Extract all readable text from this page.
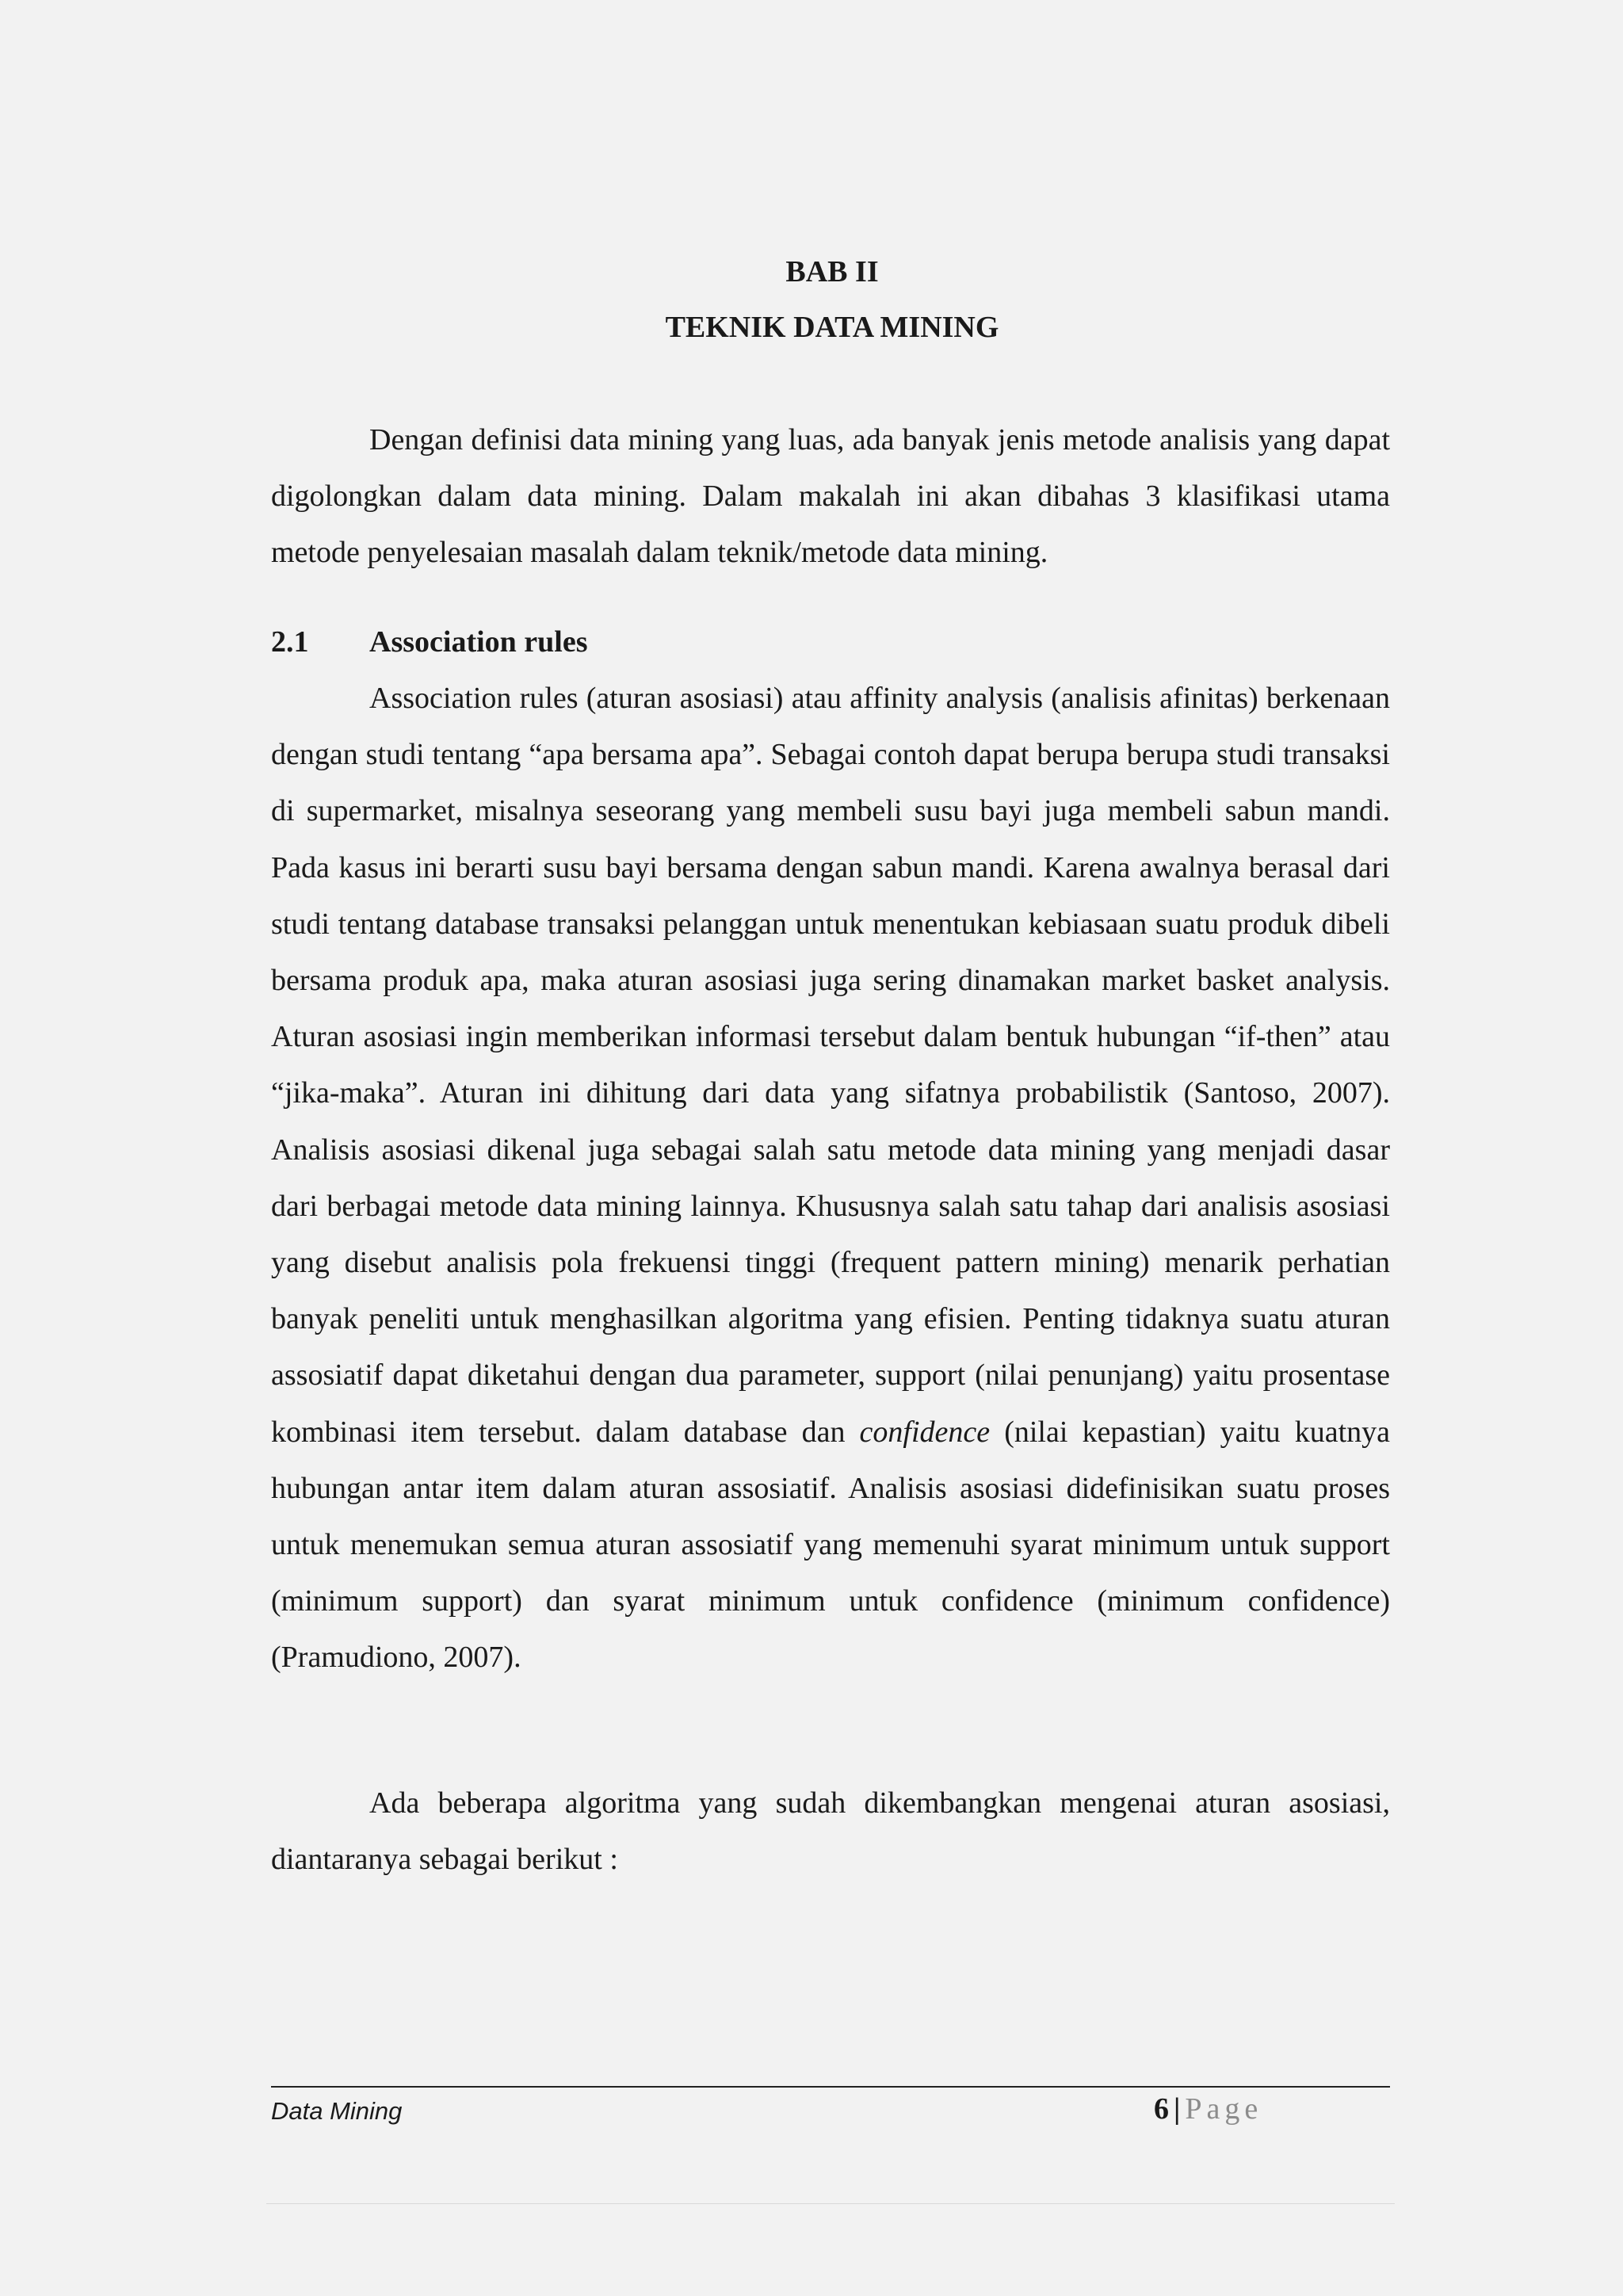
BAB II
TEKNIK DATA MINING

Dengan definisi data mining yang luas, ada banyak jenis metode analisis yang dapat digolongkan dalam data mining. Dalam makalah ini akan dibahas 3 klasifikasi utama metode penyelesaian masalah dalam teknik/metode data mining.

2.1 Association rules

Association rules (aturan asosiasi) atau affinity analysis (analisis afinitas) berkenaan dengan studi tentang “apa bersama apa”. Sebagai contoh dapat berupa berupa studi transaksi di supermarket, misalnya seseorang yang membeli susu bayi juga membeli sabun mandi. Pada kasus ini berarti susu bayi bersama dengan sabun mandi. Karena awalnya berasal dari studi tentang database transaksi pelanggan untuk menentukan kebiasaan suatu produk dibeli bersama produk apa, maka aturan asosiasi juga sering dinamakan market basket analysis. Aturan asosiasi ingin memberikan informasi tersebut dalam bentuk hubungan “if-then” atau “jika-maka”. Aturan ini dihitung dari data yang sifatnya probabilistik (Santoso, 2007). Analisis asosiasi dikenal juga sebagai salah satu metode data mining yang menjadi dasar dari berbagai metode data mining lainnya. Khususnya salah satu tahap dari analisis asosiasi yang disebut analisis pola frekuensi tinggi (frequent pattern mining) menarik perhatian banyak peneliti untuk menghasilkan algoritma yang efisien. Penting tidaknya suatu aturan assosiatif dapat diketahui dengan dua parameter, support (nilai penunjang) yaitu prosentase kombinasi item tersebut. dalam database dan confidence (nilai kepastian) yaitu kuatnya hubungan antar item dalam aturan assosiatif. Analisis asosiasi didefinisikan suatu proses untuk menemukan semua aturan assosiatif yang memenuhi syarat minimum untuk support (minimum support) dan syarat minimum untuk confidence (minimum confidence) (Pramudiono, 2007).

Ada beberapa algoritma yang sudah dikembangkan mengenai aturan asosiasi, diantaranya sebagai berikut :

Data Mining	6 | Page
